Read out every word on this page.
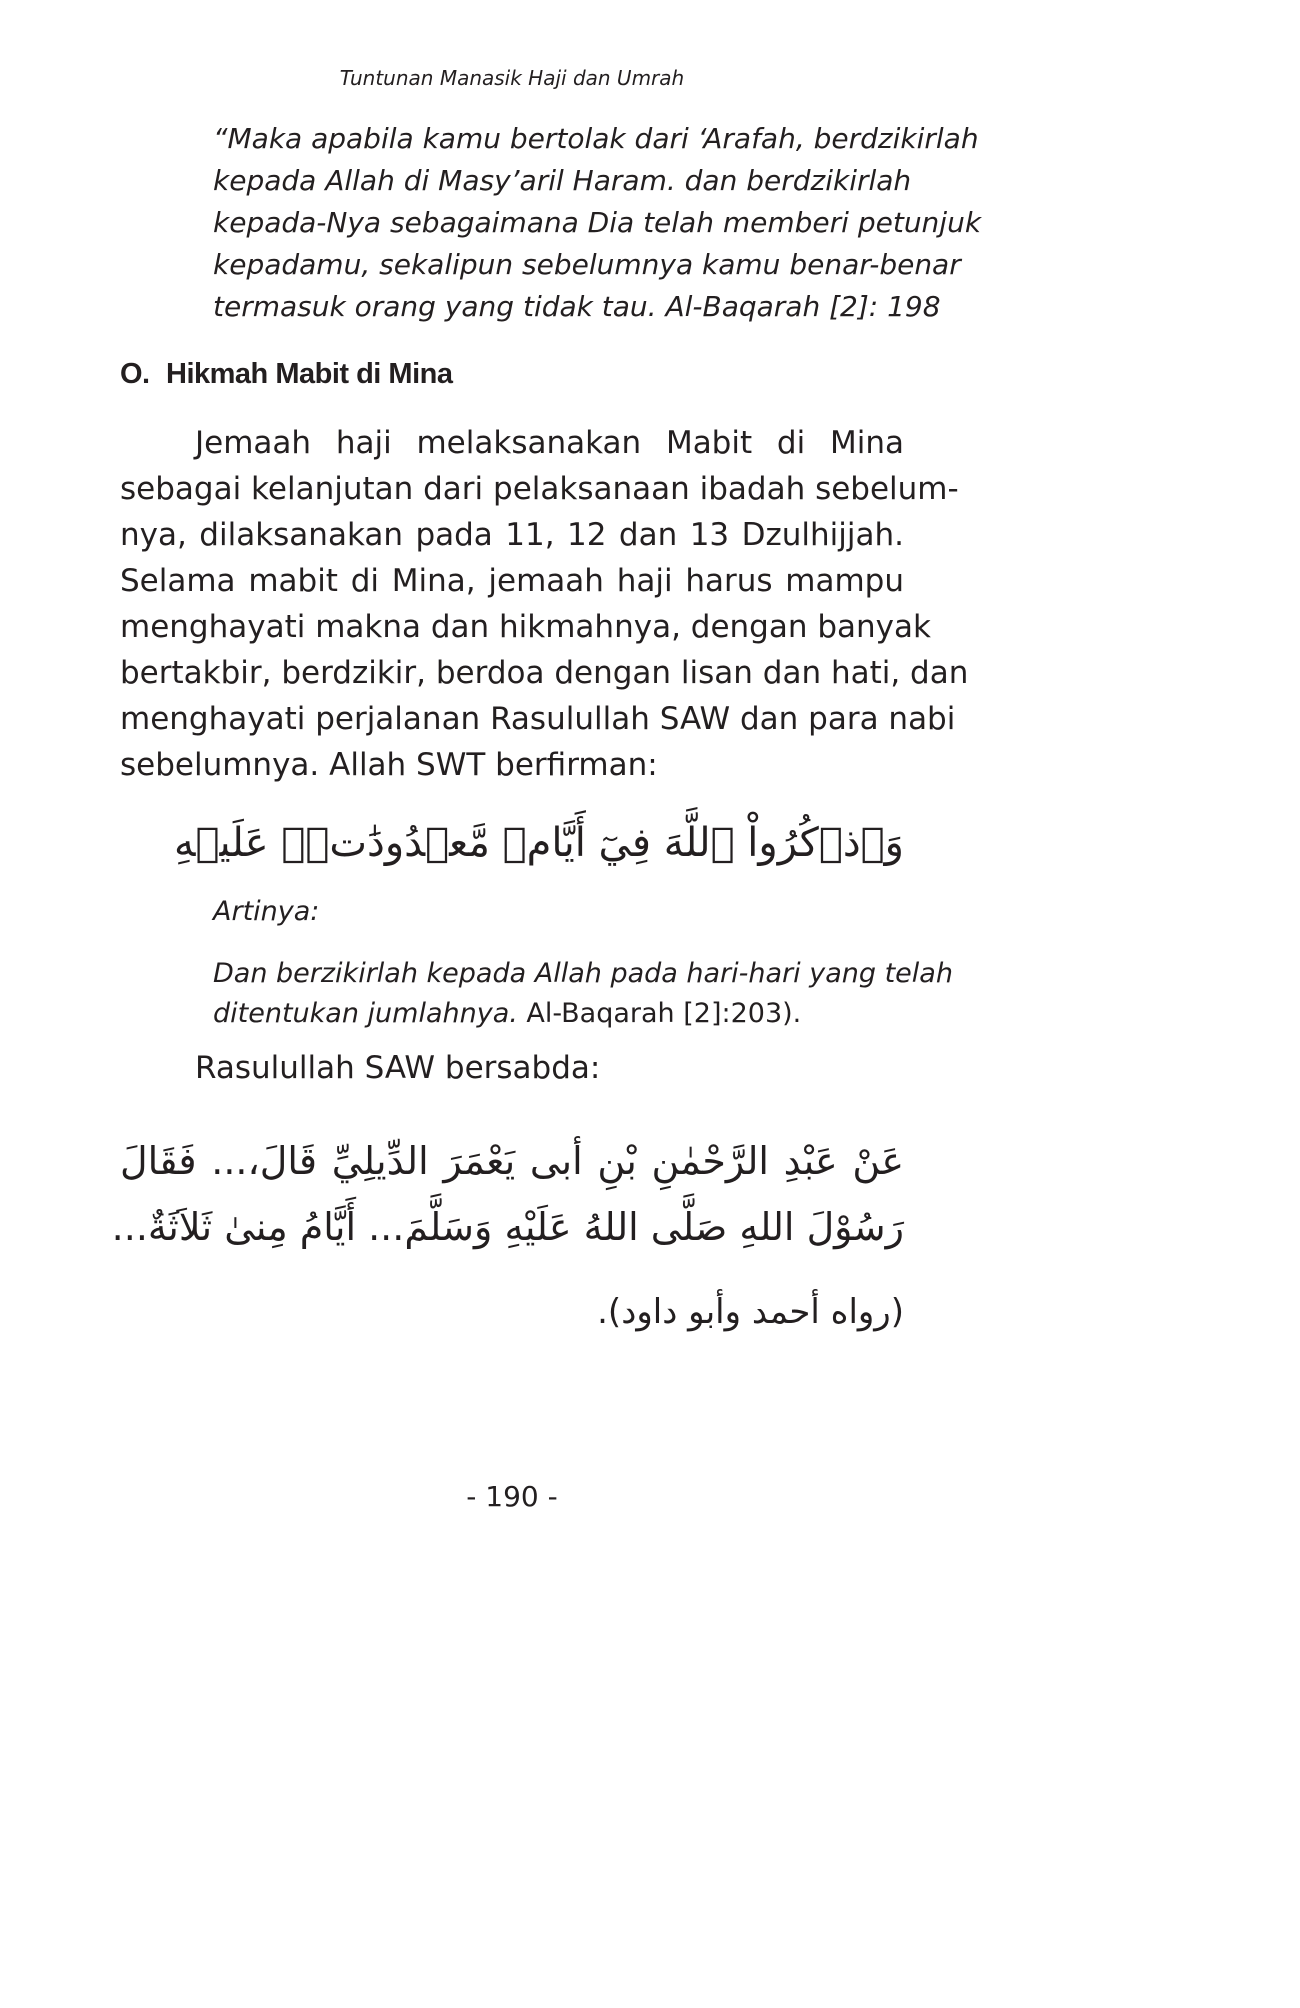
Tuntunan Manasik Haji dan Umrah
“Maka apabila kamu bertolak dari ‘Arafah, berdzikirlah
kepada Allah di Masy’aril Haram. dan berdzikirlah
kepada-Nya sebagaimana Dia telah memberi petunjuk
kepadamu, sekalipun sebelumnya kamu benar-benar
termasuk orang yang tidak tau. Al-Baqarah [2]: 198
O. Hikmah Mabit di Mina
Jemaah haji melaksanakan Mabit di Mina
sebagai kelanjutan dari pelaksanaan ibadah sebelum-
nya, dilaksanakan pada 11, 12 dan 13 Dzulhijjah.
Selama mabit di Mina, jemaah haji harus mampu
menghayati makna dan hikmahnya, dengan banyak
bertakbir, berdzikir, berdoa dengan lisan dan hati, dan
menghayati perjalanan Rasulullah SAW dan para nabi
sebelumnya. Allah SWT berfirman:
وَٱذۡكُرُواْ ٱللَّهَ فِيٓ أَيَّامٖ مَّعۡدُودَٰتٖۚ عَلَيۡهِ
Artinya:
Dan berzikirlah kepada Allah pada hari-hari yang telah
ditentukan jumlahnya. Al-Baqarah [2]:203).
Rasulullah SAW bersabda:
عَنْ عَبْدِ الرَّحْمٰنِ بْنِ أبى يَعْمَرَ الدِّيلِيِّ قَالَ،... فَقَالَ
رَسُوْلَ اللهِ صَلَّى اللهُ عَلَيْهِ وَسَلَّمَ... أَيَّامُ مِنىٰ ثَلاَثَةٌ...
(رواه أحمد وأبو داود).
- 190 -
